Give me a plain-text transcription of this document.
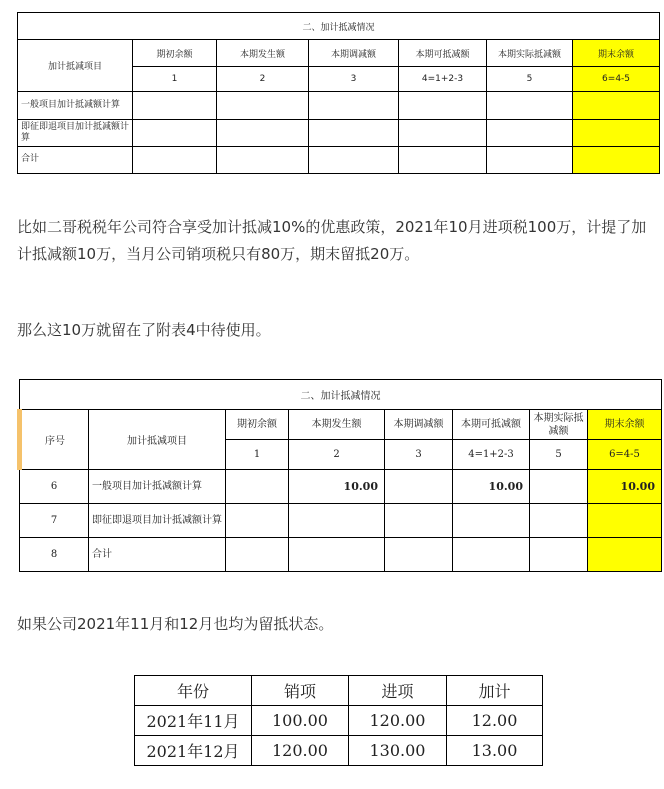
二、加计抵减情况						
加计抵减项目	期初余额	本期发生额	本期调减额	本期可抵减额	本期实际抵减额	期末余额
	1	2	3	4=1+2-3	5	6=4-5
一般项目加计抵减额计算						
即征即退项目加计抵减额计算						
合计						

比如二哥税税年公司符合享受加计抵减10%的优惠政策，2021年10月进项税100万，计提了加计抵减额10万，当月公司销项税只有80万，期末留抵20万。

那么这10万就留在了附表4中待使用。

二、加计抵减情况							
序号	加计抵减项目	期初余额	本期发生额	本期调减额	本期可抵减额	本期实际抵减额	期末余额
		1	2	3	4=1+2-3	5	6=4-5
6	一般项目加计抵减额计算		10.00		10.00		10.00
7	即征即退项目加计抵减额计算						
8	合计						

如果公司2021年11月和12月也均为留抵状态。

年份	销项	进项	加计
2021年11月	100.00	120.00	12.00
2021年12月	120.00	130.00	13.00
